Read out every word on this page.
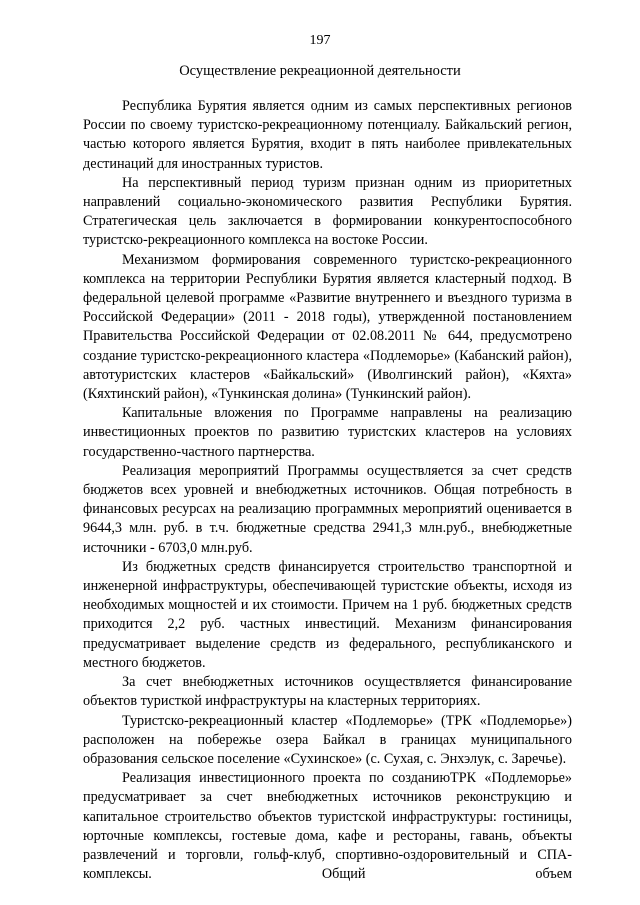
197
Осуществление рекреационной деятельности

Республика Бурятия является одним из самых перспективных регионов России по своему туристско-рекреационному потенциалу. Байкальский регион, частью которого является Бурятия, входит в пять наиболее привлекательных дестинаций для иностранных туристов.

На перспективный период туризм признан одним из приоритетных направлений социально-экономического развития Республики Бурятия. Стратегическая цель заключается в формировании конкурентоспособного туристско-рекреационного комплекса на востоке России.

Механизмом формирования современного туристско-рекреационного комплекса на территории Республики Бурятия является кластерный подход. В федеральной целевой программе «Развитие внутреннего и въездного туризма в Российской Федерации» (2011 - 2018 годы), утвержденной постановлением Правительства Российской Федерации от 02.08.2011 № 644, предусмотрено создание туристско-рекреационного кластера «Подлеморье» (Кабанский район), автотуристских кластеров «Байкальский» (Иволгинский район), «Кяхта» (Кяхтинский район), «Тункинская долина» (Тункинский район).

Капитальные вложения по Программе направлены на реализацию инвестиционных проектов по развитию туристских кластеров на условиях государственно-частного партнерства.

Реализация мероприятий Программы осуществляется за счет средств бюджетов всех уровней и внебюджетных источников. Общая потребность в финансовых ресурсах на реализацию программных мероприятий оценивается в 9644,3 млн. руб. в т.ч. бюджетные средства 2941,3 млн.руб., внебюджетные источники - 6703,0 млн.руб.

Из бюджетных средств финансируется строительство транспортной и инженерной инфраструктуры, обеспечивающей туристские объекты, исходя из необходимых мощностей и их стоимости. Причем на 1 руб. бюджетных средств приходится 2,2 руб. частных инвестиций. Механизм финансирования предусматривает выделение средств из федерального, республиканского и местного бюджетов.

За счет внебюджетных источников осуществляется финансирование объектов туристкой инфраструктуры на кластерных территориях.

Туристско-рекреационный кластер «Подлеморье» (ТРК «Подлеморье») расположен на побережье озера Байкал в границах муниципального образования сельское поселение «Сухинское» (с. Сухая, с. Энхэлук, с. Заречье).

Реализация инвестиционного проекта по созданиюТРК «Подлеморье» предусматривает за счет внебюджетных источников реконструкцию и капитальное строительство объектов туристской инфраструктуры: гостиницы, юрточные комплексы, гостевые дома, кафе и рестораны, гавань, объекты развлечений и торговли, гольф-клуб, спортивно-оздоровительный и СПА-комплексы. Общий объем
